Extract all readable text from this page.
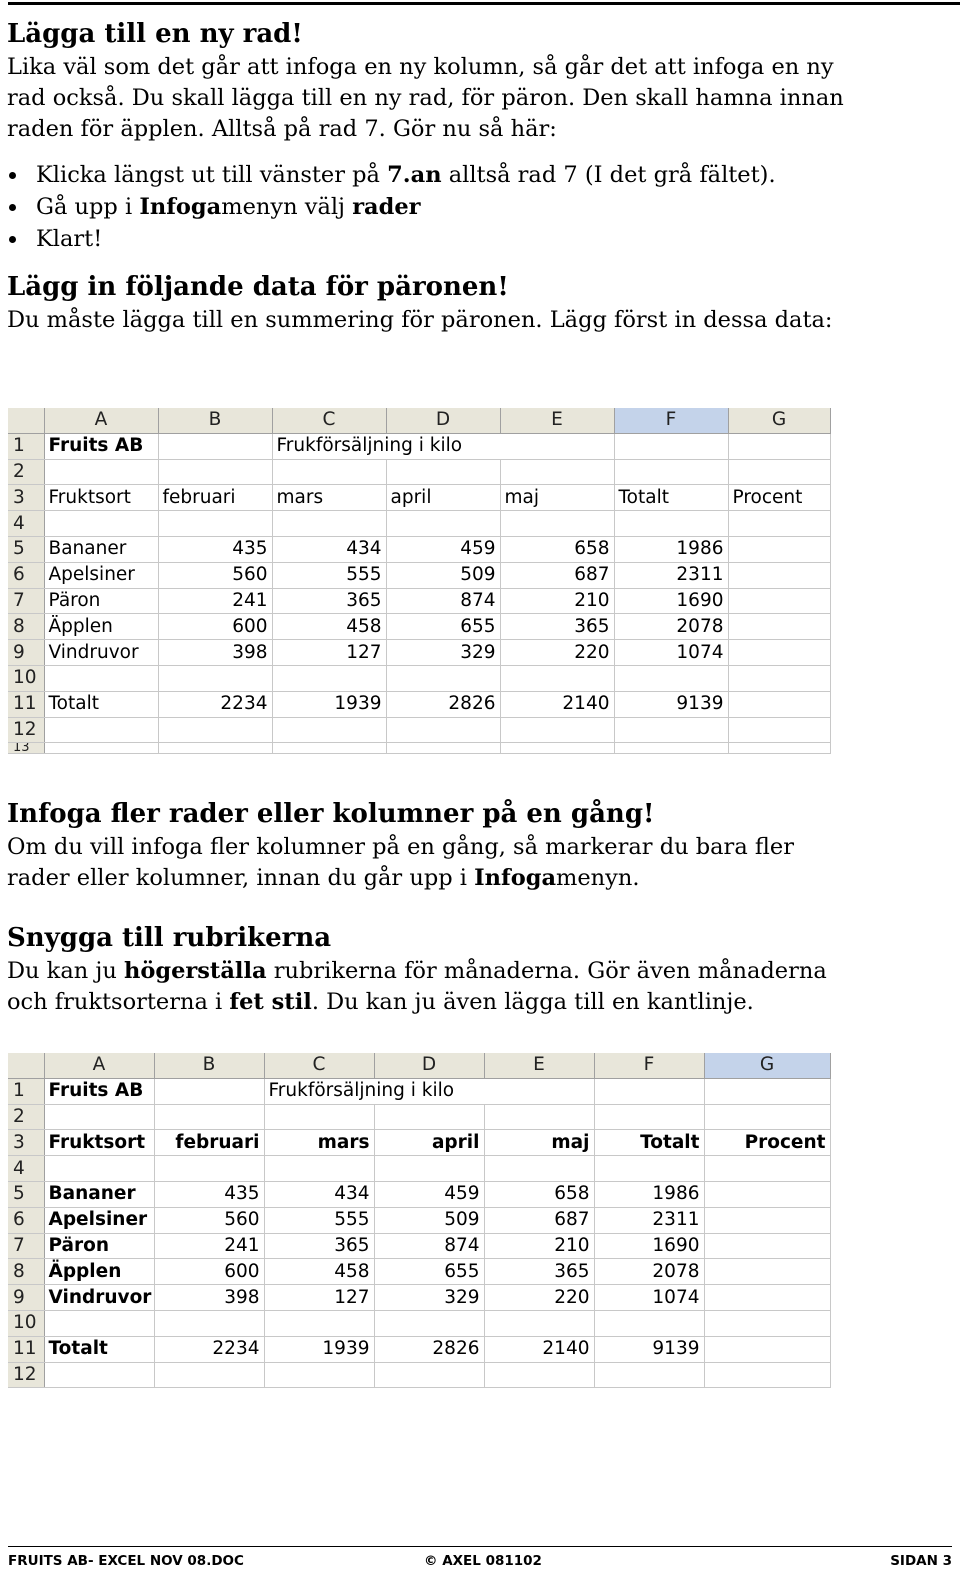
Lägga till en ny rad!

Lika väl som det går att infoga en ny kolumn, så går det att infoga en ny

rad också. Du skall lägga till en ny rad, för päron. Den skall hamna innan

raden för äpplen. Alltså på rad 7. Gör nu så här:

Klicka längst ut till vänster på 7.an alltså rad 7 (I det grå fältet).
Gå upp i Infogamenyn välj rader
Klart!
Lägg in följande data för päronen!

Du måste lägga till en summering för päronen. Lägg först in dessa data:

	A	B	C	D	E	F	G
1	Fruits AB		Frukförsäljning i kilo				
2							
3	Fruktsort	februari	mars	april	maj	Totalt	Procent
4							
5	Bananer	435	434	459	658	1986	
6	Apelsiner	560	555	509	687	2311	
7	Päron	241	365	874	210	1690	
8	Äpplen	600	458	655	365	2078	
9	Vindruvor	398	127	329	220	1074	
10							
11	Totalt	2234	1939	2826	2140	9139	
12							
13							
Infoga fler rader eller kolumner på en gång!

Om du vill infoga fler kolumner på en gång, så markerar du bara fler

rader eller kolumner, innan du går upp i Infogamenyn.

Snygga till rubrikerna

Du kan ju högerställa rubrikerna för månaderna. Gör även månaderna

och fruktsorterna i fet stil. Du kan ju även lägga till en kantlinje.

	A	B	C	D	E	F	G
1	Fruits AB		Frukförsäljning i kilo				
2							
3	Fruktsort	februari	mars	april	maj	Totalt	Procent
4							
5	Bananer	435	434	459	658	1986	
6	Apelsiner	560	555	509	687	2311	
7	Päron	241	365	874	210	1690	
8	Äpplen	600	458	655	365	2078	
9	Vindruvor	398	127	329	220	1074	
10							
11	Totalt	2234	1939	2826	2140	9139	
12							
FRUITS AB- EXCEL NOV 08.DOC	© AXEL 081102	SIDAN 3
